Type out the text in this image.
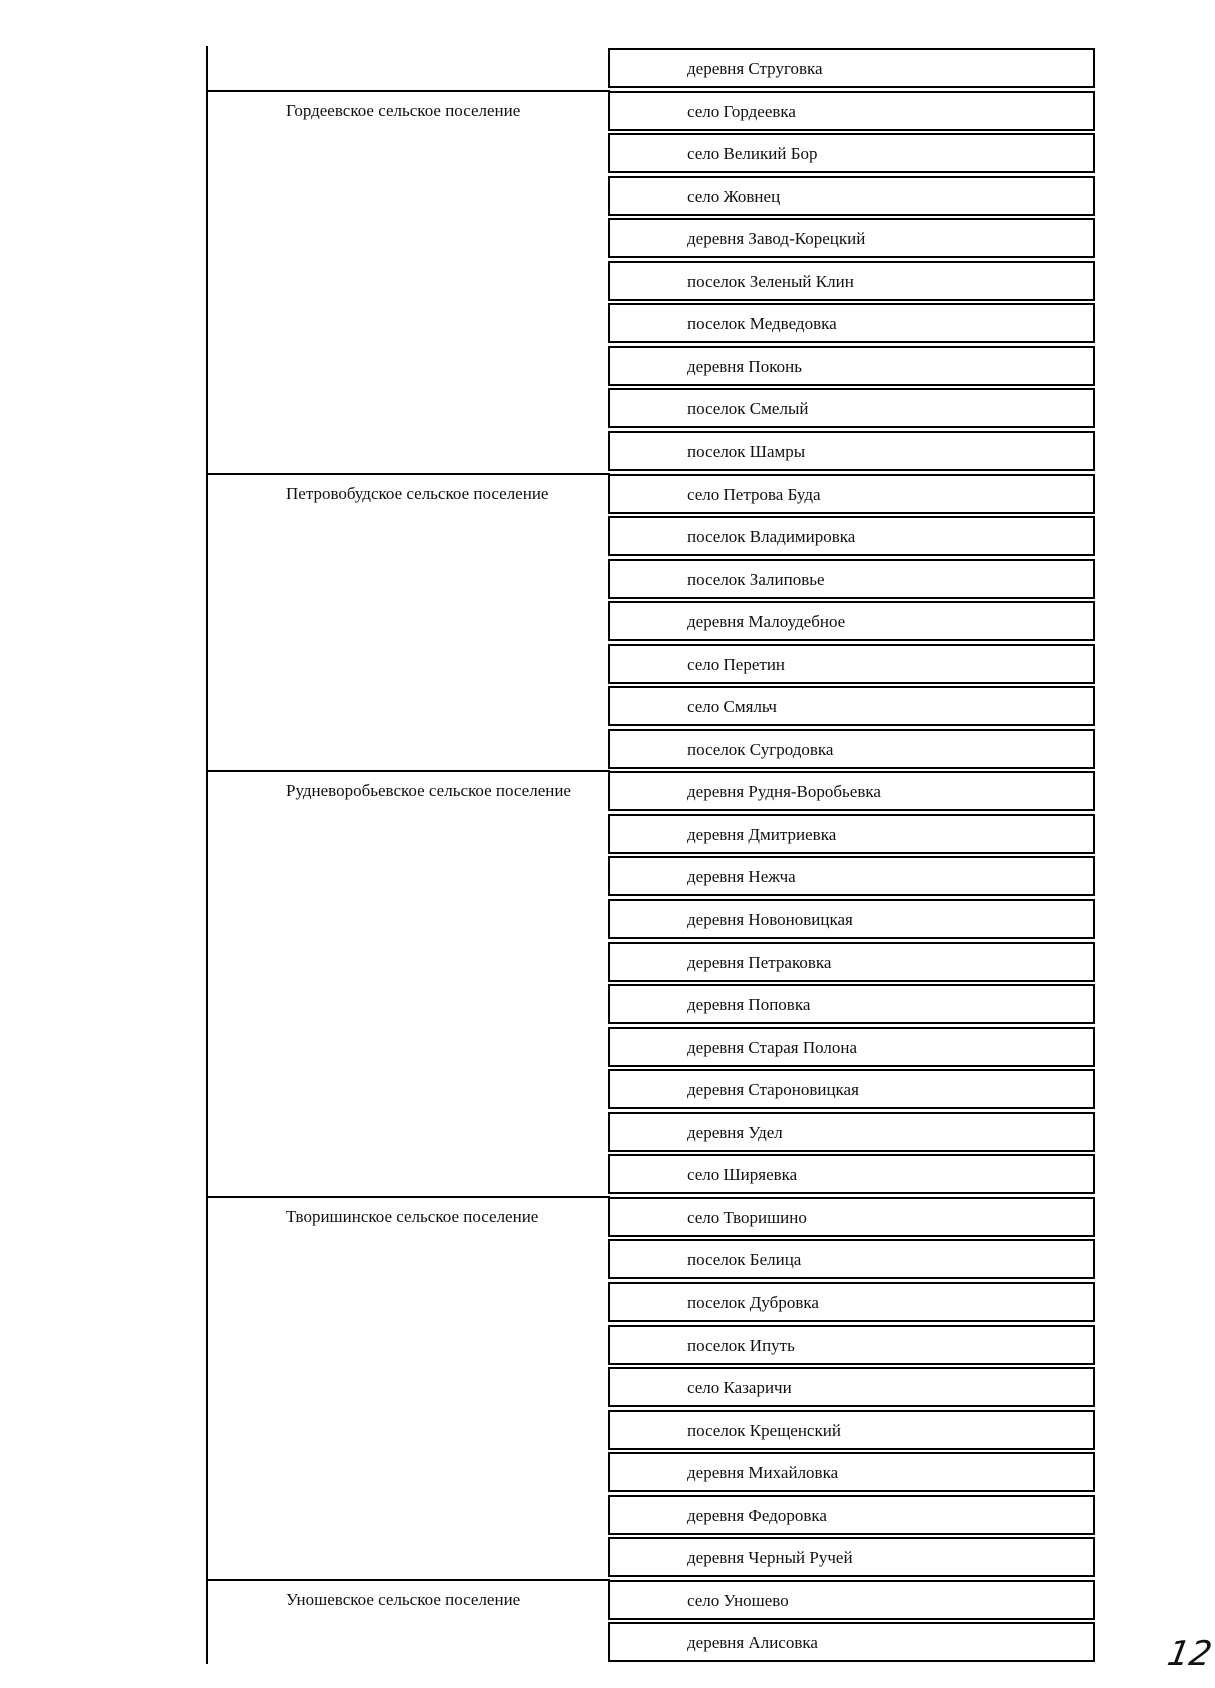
деревня Струговка
Гордеевское сельское поселение	село Гордеевка
село Великий Бор
село Жовнец
деревня Завод-Корецкий
поселок Зеленый Клин
поселок Медведовка
деревня Поконь
поселок Смелый
поселок Шамры
Петровобудское сельское поселение	село Петрова Буда
поселок Владимировка
поселок Залиповье
деревня Малоудебное
село Перетин
село Смяльч
поселок Сугродовка
Рудневоробьевское сельское поселение	деревня Рудня-Воробьевка
деревня Дмитриевка
деревня Нежча
деревня Новоновицкая
деревня Петраковка
деревня Поповка
деревня Старая Полона
деревня Староновицкая
деревня Удел
село Ширяевка
Творишинское сельское поселение	село Творишино
поселок Белица
поселок Дубровка
поселок Ипуть
село Казаричи
поселок Крещенский
деревня Михайловка
деревня Федоровка
деревня Черный Ручей
Уношевское сельское поселение	село Уношево
деревня Алисовка	12
